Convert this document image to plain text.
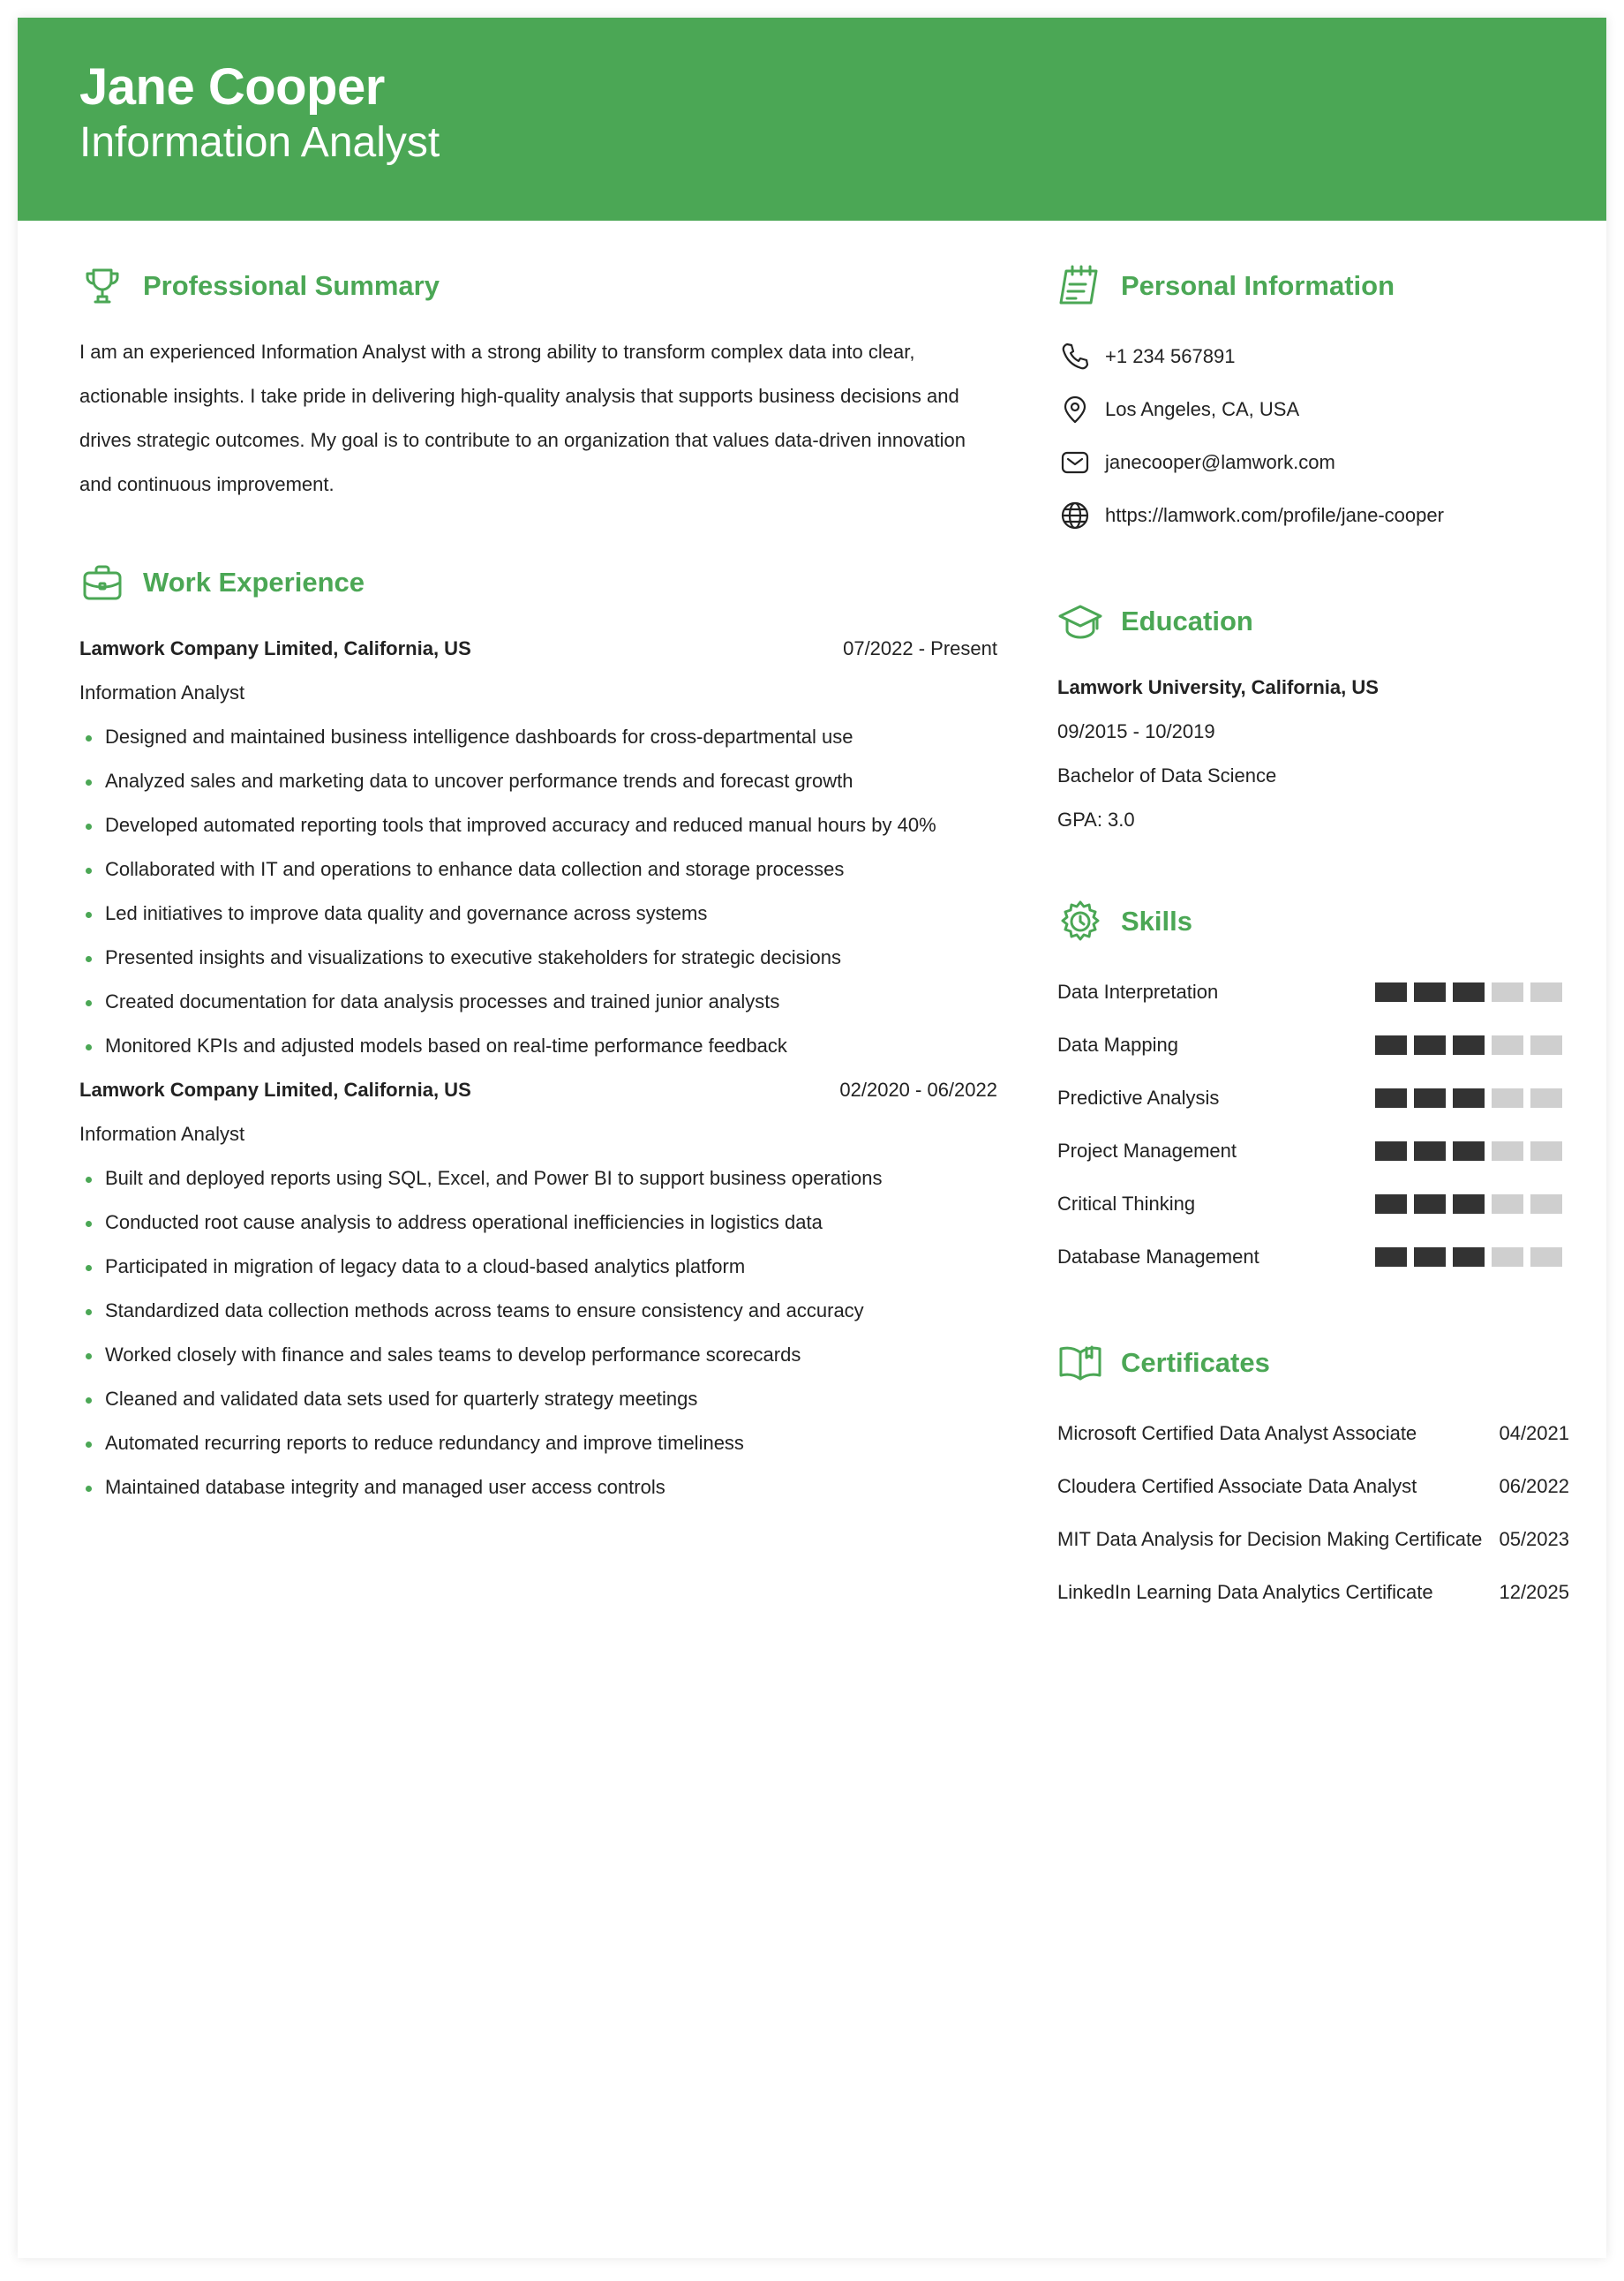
Jane Cooper
Information Analyst
Professional Summary
I am an experienced Information Analyst with a strong ability to transform complex data into clear, actionable insights. I take pride in delivering high-quality analysis that supports business decisions and drives strategic outcomes. My goal is to contribute to an organization that values data-driven innovation and continuous improvement.
Work Experience
Lamwork Company Limited, California, US	07/2022 - Present
Information Analyst
Designed and maintained business intelligence dashboards for cross-departmental use
Analyzed sales and marketing data to uncover performance trends and forecast growth
Developed automated reporting tools that improved accuracy and reduced manual hours by 40%
Collaborated with IT and operations to enhance data collection and storage processes
Led initiatives to improve data quality and governance across systems
Presented insights and visualizations to executive stakeholders for strategic decisions
Created documentation for data analysis processes and trained junior analysts
Monitored KPIs and adjusted models based on real-time performance feedback
Lamwork Company Limited, California, US	02/2020 - 06/2022
Information Analyst
Built and deployed reports using SQL, Excel, and Power BI to support business operations
Conducted root cause analysis to address operational inefficiencies in logistics data
Participated in migration of legacy data to a cloud-based analytics platform
Standardized data collection methods across teams to ensure consistency and accuracy
Worked closely with finance and sales teams to develop performance scorecards
Cleaned and validated data sets used for quarterly strategy meetings
Automated recurring reports to reduce redundancy and improve timeliness
Maintained database integrity and managed user access controls
Personal Information
+1 234 567891
Los Angeles, CA, USA
janecooper@lamwork.com
https://lamwork.com/profile/jane-cooper
Education
Lamwork University, California, US
09/2015 - 10/2019
Bachelor of Data Science
GPA: 3.0
Skills
Data Interpretation
Data Mapping
Predictive Analysis
Project Management
Critical Thinking
Database Management
Certificates
Microsoft Certified Data Analyst Associate	04/2021
Cloudera Certified Associate Data Analyst	06/2022
MIT Data Analysis for Decision Making Certificate 05/2023
LinkedIn Learning Data Analytics Certificate	12/2025
